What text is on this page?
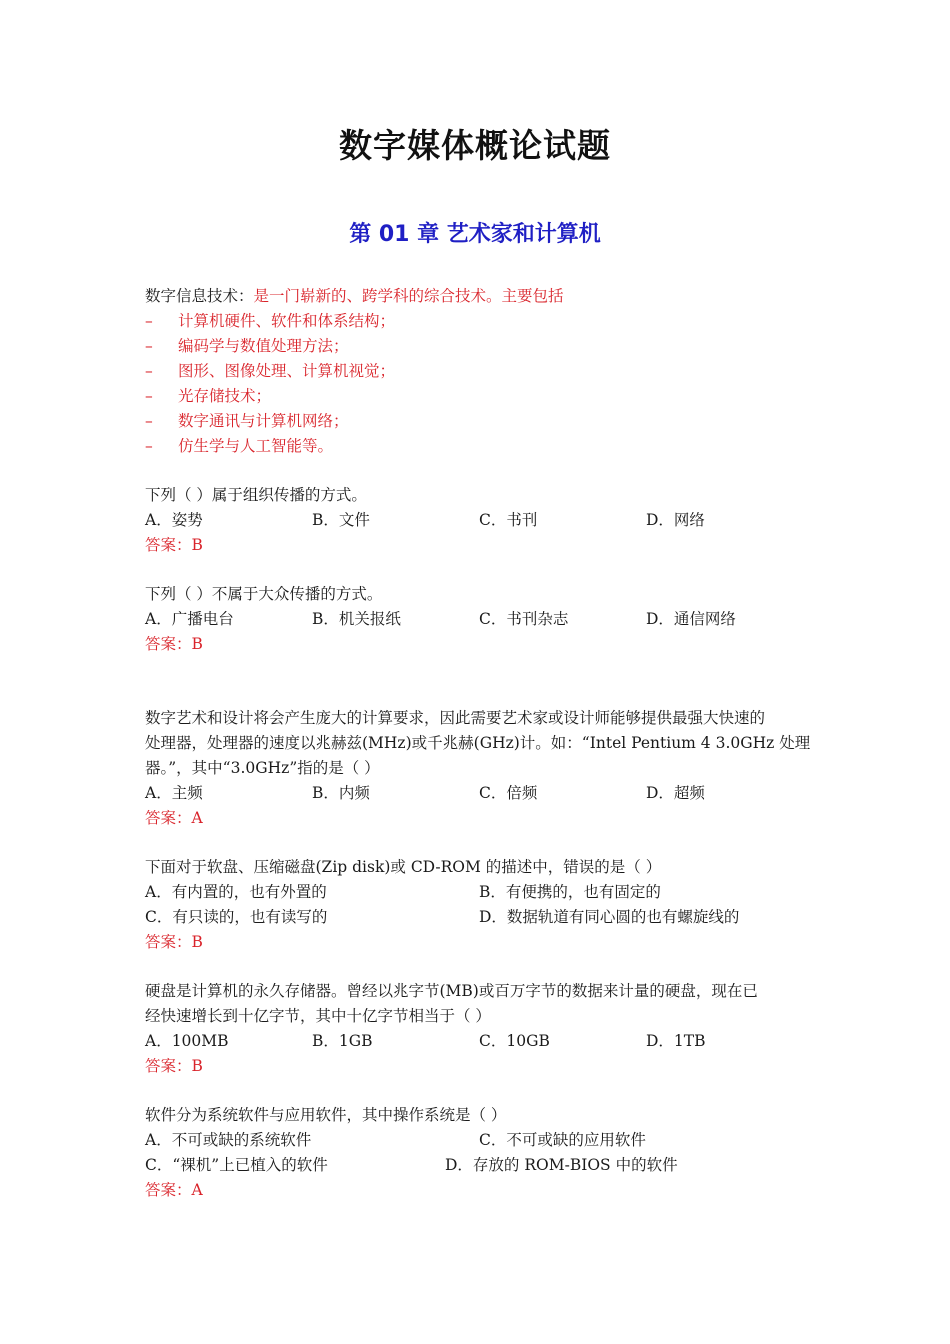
数字媒体概论试题
第 01 章 艺术家和计算机
数字信息技术：是一门崭新的、跨学科的综合技术。主要包括
–	计算机硬件、软件和体系结构；
–	编码学与数值处理方法；
–	图形、图像处理、计算机视觉；
–	光存储技术；
–	数字通讯与计算机网络；
–	仿生学与人工智能等。
下列（ ）属于组织传播的方式。
A．姿势	B．文件	C．书刊	D．网络
答案：B
下列（ ）不属于大众传播的方式。
A．广播电台	B．机关报纸	C．书刊杂志	D．通信网络
答案：B
数字艺术和设计将会产生庞大的计算要求，因此需要艺术家或设计师能够提供最强大快速的
处理器，处理器的速度以兆赫兹(MHz)或千兆赫(GHz)计。如：“Intel Pentium 4 3.0GHz 处理
器。”，其中“3.0GHz”指的是（ ）
A．主频	B．内频	C．倍频	D．超频
答案：A
下面对于软盘、压缩磁盘(Zip disk)或 CD-ROM 的描述中，错误的是（ ）
A．有内置的，也有外置的	B．有便携的，也有固定的
C．有只读的，也有读写的	D．数据轨道有同心圆的也有螺旋线的
答案：B
硬盘是计算机的永久存储器。曾经以兆字节(MB)或百万字节的数据来计量的硬盘，现在已
经快速增长到十亿字节，其中十亿字节相当于（ ）
A．100MB	B．1GB	C．10GB	D．1TB
答案：B
软件分为系统软件与应用软件，其中操作系统是（ ）
A．不可或缺的系统软件	C．不可或缺的应用软件
C．“裸机”上已植入的软件	D．存放的 ROM-BIOS 中的软件
答案：A
